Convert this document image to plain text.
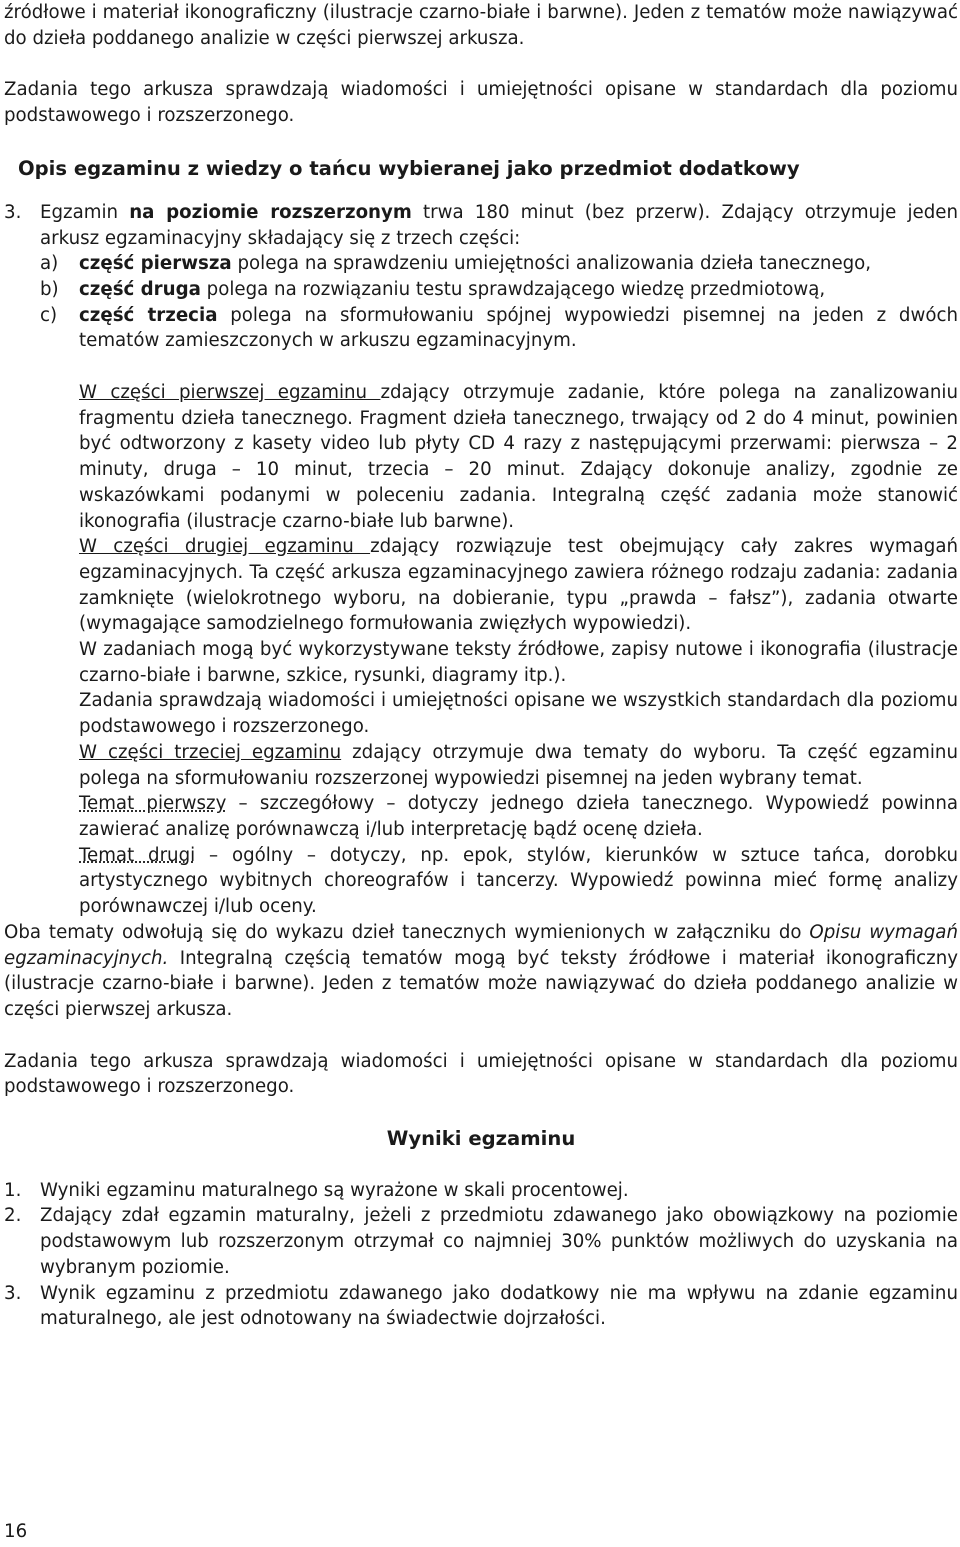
źródłowe i materiał ikonograficzny (ilustracje czarno-białe i barwne). Jeden z tematów może nawiązywać do dzieła poddanego analizie w części pierwszej arkusza.

Zadania tego arkusza sprawdzają wiadomości i umiejętności opisane w standardach dla poziomu podstawowego i rozszerzonego.

Opis egzaminu z wiedzy o tańcu wybieranej jako przedmiot dodatkowy

3.	Egzamin na poziomie rozszerzonym trwa 180 minut (bez przerw). Zdający otrzymuje jeden arkusz egzaminacyjny składający się z trzech części:
a)	część pierwsza polega na sprawdzeniu umiejętności analizowania dzieła tanecznego,
b)	część druga polega na rozwiązaniu testu sprawdzającego wiedzę przedmiotową,
c)	część trzecia polega na sformułowaniu spójnej wypowiedzi pisemnej na jeden z dwóch tematów zamieszczonych w arkuszu egzaminacyjnym.

W części pierwszej egzaminu zdający otrzymuje zadanie, które polega na zanalizowaniu fragmentu dzieła tanecznego. Fragment dzieła tanecznego, trwający od 2 do 4 minut, powinien być odtworzony z kasety video lub płyty CD 4 razy z następującymi przerwami: pierwsza – 2 minuty, druga – 10 minut, trzecia – 20 minut. Zdający dokonuje analizy, zgodnie ze wskazówkami podanymi w poleceniu zadania. Integralną część zadania może stanowić ikonografia (ilustracje czarno-białe lub barwne).

W części drugiej egzaminu zdający rozwiązuje test obejmujący cały zakres wymagań egzaminacyjnych. Ta część arkusza egzaminacyjnego zawiera różnego rodzaju zadania: zadania zamknięte (wielokrotnego wyboru, na dobieranie, typu „prawda – fałsz”), zadania otwarte (wymagające samodzielnego formułowania zwięzłych wypowiedzi).

W zadaniach mogą być wykorzystywane teksty źródłowe, zapisy nutowe i ikonografia (ilustracje czarno-białe i barwne, szkice, rysunki, diagramy itp.).

Zadania sprawdzają wiadomości i umiejętności opisane we wszystkich standardach dla poziomu podstawowego i rozszerzonego.

W części trzeciej egzaminu zdający otrzymuje dwa tematy do wyboru. Ta część egzaminu polega na sformułowaniu rozszerzonej wypowiedzi pisemnej na jeden wybrany temat.

Temat pierwszy – szczegółowy – dotyczy jednego dzieła tanecznego. Wypowiedź powinna zawierać analizę porównawczą i/lub interpretację bądź ocenę dzieła.

Temat drugi – ogólny – dotyczy, np. epok, stylów, kierunków w sztuce tańca, dorobku artystycznego wybitnych choreografów i tancerzy. Wypowiedź powinna mieć formę analizy porównawczej i/lub oceny.

Oba tematy odwołują się do wykazu dzieł tanecznych wymienionych w załączniku do Opisu wymagań egzaminacyjnych. Integralną częścią tematów mogą być teksty źródłowe i materiał ikonograficzny (ilustracje czarno-białe i barwne). Jeden z tematów może nawiązywać do dzieła poddanego analizie w części pierwszej arkusza.

Zadania tego arkusza sprawdzają wiadomości i umiejętności opisane w standardach dla poziomu podstawowego i rozszerzonego.

Wyniki egzaminu

1.	Wyniki egzaminu maturalnego są wyrażone w skali procentowej.
2.	Zdający zdał egzamin maturalny, jeżeli z przedmiotu zdawanego jako obowiązkowy na poziomie podstawowym lub rozszerzonym otrzymał co najmniej 30% punktów możliwych do uzyskania na wybranym poziomie.
3.	Wynik egzaminu z przedmiotu zdawanego jako dodatkowy nie ma wpływu na zdanie egzaminu maturalnego, ale jest odnotowany na świadectwie dojrzałości.
16
